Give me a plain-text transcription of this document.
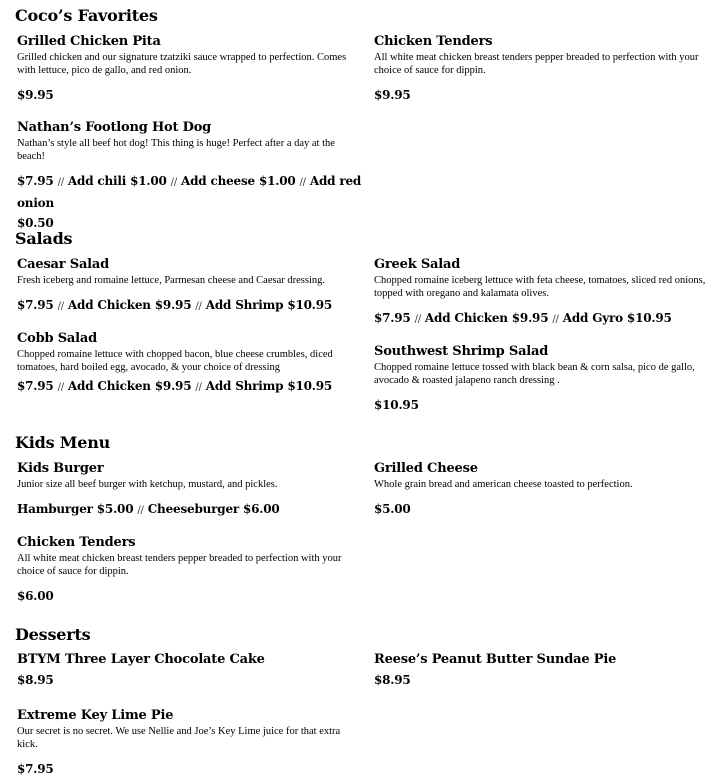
Coco’s Favorites
Grilled Chicken Pita
Grilled chicken and our signature tzatziki sauce wrapped to perfection. Comes with lettuce, pico de gallo, and red onion.
$9.95
Chicken Tenders
All white meat chicken breast tenders pepper breaded to perfection with your choice of sauce for dippin.
$9.95
Nathan’s Footlong Hot Dog
Nathan’s style all beef hot dog! This thing is huge! Perfect after a day at the beach!
$7.95 // Add chili $1.00 // Add cheese $1.00 // Add red onion
$0.50
Salads
Caesar Salad
Fresh iceberg and romaine lettuce, Parmesan cheese and Caesar dressing.
$7.95 // Add Chicken $9.95 // Add Shrimp $10.95
Greek Salad
Chopped romaine iceberg lettuce with feta cheese, tomatoes, sliced red onions, topped with oregano and kalamata olives.
$7.95 // Add Chicken $9.95 // Add Gyro $10.95
Cobb Salad
Chopped romaine lettuce with chopped bacon, blue cheese crumbles, diced tomatoes, hard boiled egg, avocado, & your choice of dressing
$7.95 // Add Chicken $9.95 // Add Shrimp $10.95
Southwest Shrimp Salad
Chopped romaine lettuce tossed with black bean & corn salsa, pico de gallo, avocado & roasted jalapeno ranch dressing .
$10.95
Kids Menu
Kids Burger
Junior size all beef burger with ketchup, mustard, and pickles.
Hamburger $5.00 // Cheeseburger $6.00
Grilled Cheese
Whole grain bread and american cheese toasted to perfection.
$5.00
Chicken Tenders
All white meat chicken breast tenders pepper breaded to perfection with your choice of sauce for dippin.
$6.00
Desserts
BTYM Three Layer Chocolate Cake
$8.95
Reese’s Peanut Butter Sundae Pie
$8.95
Extreme Key Lime Pie
Our secret is no secret. We use Nellie and Joe’s Key Lime juice for that extra kick.
$7.95
